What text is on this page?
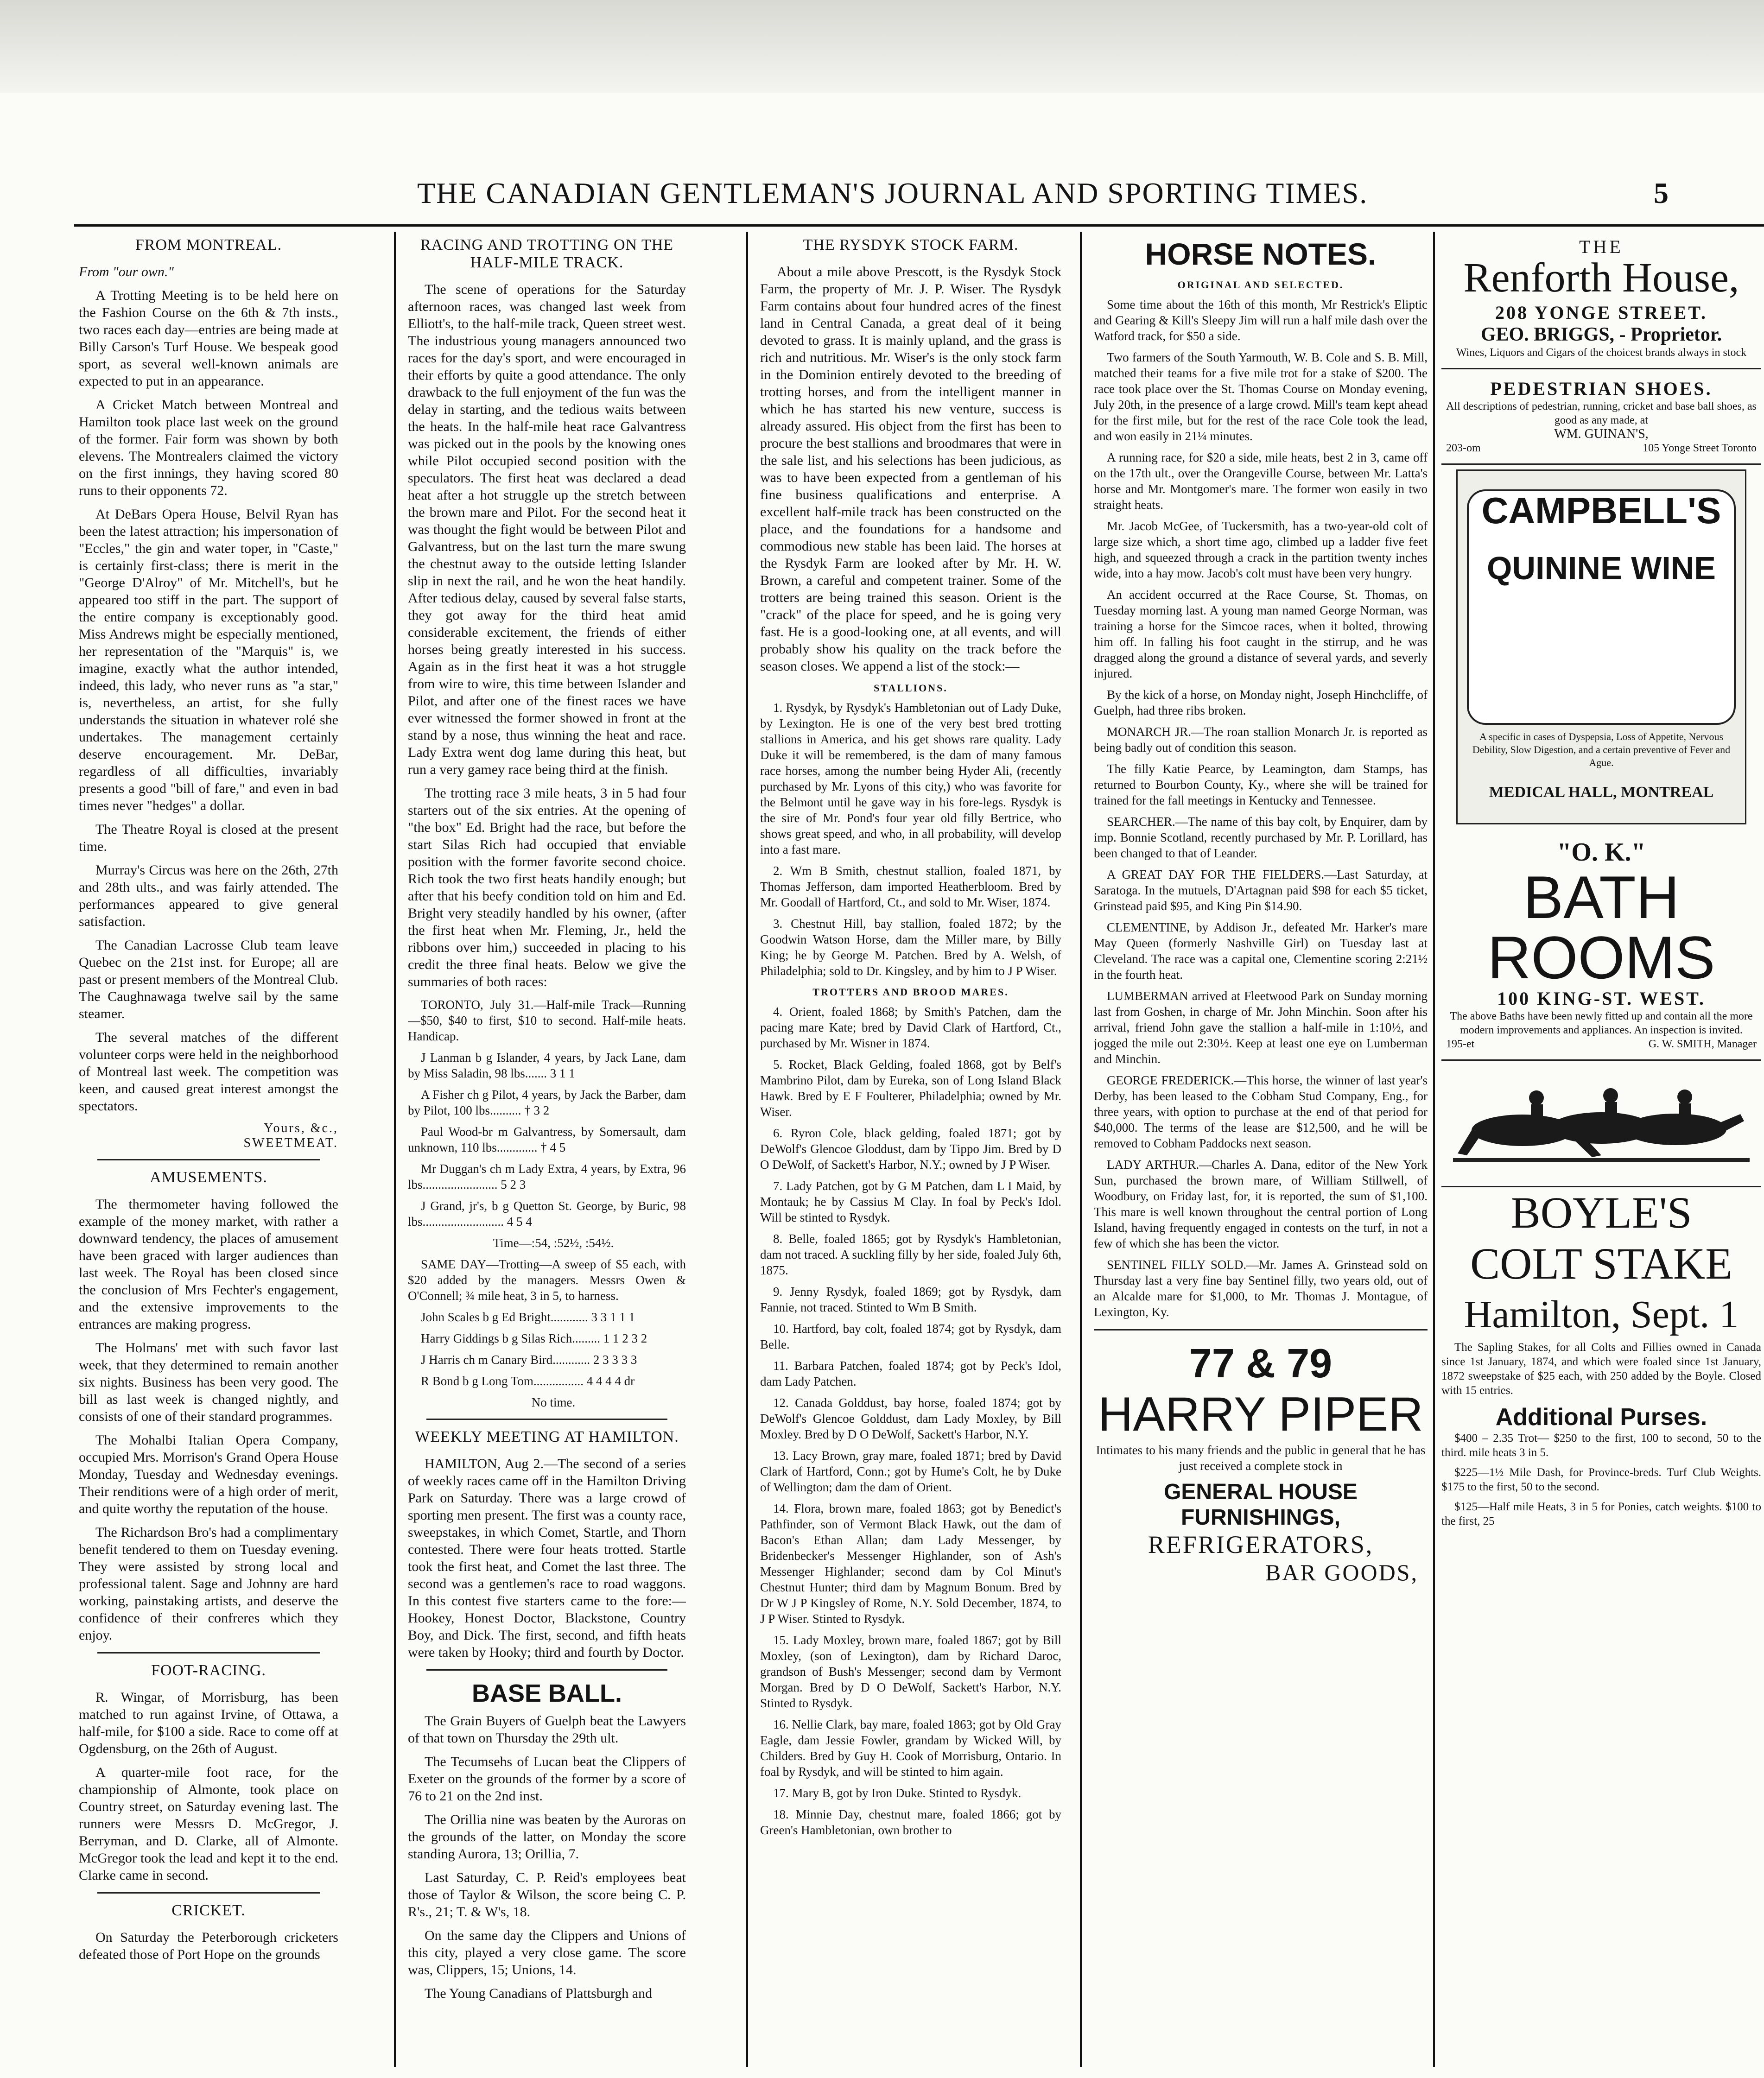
THE CANADIAN GENTLEMAN'S JOURNAL AND SPORTING TIMES.	5
FROM MONTREAL.

From "our own."

A Trotting Meeting is to be held here on the Fashion Course on the 6th & 7th insts., two races each day—entries are being made at Billy Carson's Turf House. We bespeak good sport, as several well-known animals are expected to put in an appearance.

A Cricket Match between Montreal and Hamilton took place last week on the ground of the former. Fair form was shown by both elevens. The Montrealers claimed the victory on the first innings, they having scored 80 runs to their opponents 72.

At DeBars Opera House, Belvil Ryan has been the latest attraction; his impersonation of "Eccles," the gin and water toper, in "Caste," is certainly first-class; there is merit in the "George D'Alroy" of Mr. Mitchell's, but he appeared too stiff in the part. The support of the entire company is exceptionably good. Miss Andrews might be especially mentioned, her representation of the "Marquis" is, we imagine, exactly what the author intended, indeed, this lady, who never runs as "a star," is, nevertheless, an artist, for she fully understands the situation in whatever rolé she undertakes. The management certainly deserve encouragement. Mr. DeBar, regardless of all difficulties, invariably presents a good "bill of fare," and even in bad times never "hedges" a dollar.

The Theatre Royal is closed at the present time.

Murray's Circus was here on the 26th, 27th and 28th ults., and was fairly attended. The performances appeared to give general satisfaction.

The Canadian Lacrosse Club team leave Quebec on the 21st inst. for Europe; all are past or present members of the Montreal Club. The Caughnawaga twelve sail by the same steamer.

The several matches of the different volunteer corps were held in the neighborhood of Montreal last week. The competition was keen, and caused great interest amongst the spectators.

Yours, &c.,
SWEETMEAT.
AMUSEMENTS.

The thermometer having followed the example of the money market, with rather a downward tendency, the places of amusement have been graced with larger audiences than last week. The Royal has been closed since the conclusion of Mrs Fechter's engagement, and the extensive improvements to the entrances are making progress.

The Holmans' met with such favor last week, that they determined to remain another six nights. Business has been very good. The bill as last week is changed nightly, and consists of one of their standard programmes.

The Mohalbi Italian Opera Company, occupied Mrs. Morrison's Grand Opera House Monday, Tuesday and Wednesday evenings. Their renditions were of a high order of merit, and quite worthy the reputation of the house.

The Richardson Bro's had a complimentary benefit tendered to them on Tuesday evening. They were assisted by strong local and professional talent. Sage and Johnny are hard working, painstaking artists, and deserve the confidence of their confreres which they enjoy.

FOOT-RACING.

R. Wingar, of Morrisburg, has been matched to run against Irvine, of Ottawa, a half-mile, for $100 a side. Race to come off at Ogdensburg, on the 26th of August.

A quarter-mile foot race, for the championship of Almonte, took place on Country street, on Saturday evening last. The runners were Messrs D. McGregor, J. Berryman, and D. Clarke, all of Almonte. McGregor took the lead and kept it to the end. Clarke came in second.

CRICKET.

On Saturday the Peterborough cricketers defeated those of Port Hope on the grounds

RACING AND TROTTING ON THE HALF-MILE TRACK.

The scene of operations for the Saturday afternoon races, was changed last week from Elliott's, to the half-mile track, Queen street west. The industrious young managers announced two races for the day's sport, and were encouraged in their efforts by quite a good attendance. The only drawback to the full enjoyment of the fun was the delay in starting, and the tedious waits between the heats. In the half-mile heat race Galvantress was picked out in the pools by the knowing ones while Pilot occupied second position with the speculators. The first heat was declared a dead heat after a hot struggle up the stretch between the brown mare and Pilot. For the second heat it was thought the fight would be between Pilot and Galvantress, but on the last turn the mare swung the chestnut away to the outside letting Islander slip in next the rail, and he won the heat handily. After tedious delay, caused by several false starts, they got away for the third heat amid considerable excitement, the friends of either horses being greatly interested in his success. Again as in the first heat it was a hot struggle from wire to wire, this time between Islander and Pilot, and after one of the finest races we have ever witnessed the former showed in front at the stand by a nose, thus winning the heat and race. Lady Extra went dog lame during this heat, but run a very gamey race being third at the finish.

The trotting race 3 mile heats, 3 in 5 had four starters out of the six entries. At the opening of "the box" Ed. Bright had the race, but before the start Silas Rich had occupied that enviable position with the former favorite second choice. Rich took the two first heats handily enough; but after that his beefy condition told on him and Ed. Bright very steadily handled by his owner, (after the first heat when Mr. Fleming, Jr., held the ribbons over him,) succeeded in placing to his credit the three final heats. Below we give the summaries of both races:

TORONTO, July 31.—Half-mile Track—Running —$50, $40 to first, $10 to second. Half-mile heats. Handicap.

J Lanman b g Islander, 4 years, by Jack Lane, dam by Miss Saladin, 98 lbs....... 3 1 1

A Fisher ch g Pilot, 4 years, by Jack the Barber, dam by Pilot, 100 lbs.......... † 3 2

Paul Wood-br m Galvantress, by Somersault, dam unknown, 110 lbs............. † 4 5

Mr Duggan's ch m Lady Extra, 4 years, by Extra, 96 lbs........................ 5 2 3

J Grand, jr's, b g Quetton St. George, by Buric, 98 lbs.......................... 4 5 4

Time—:54, :52½, :54½.

SAME DAY—Trotting—A sweep of $5 each, with $20 added by the managers. Messrs Owen & O'Connell; ¾ mile heat, 3 in 5, to harness.

John Scales b g Ed Bright............ 3 3 1 1 1

Harry Giddings b g Silas Rich......... 1 1 2 3 2

J Harris ch m Canary Bird............ 2 3 3 3 3

R Bond b g Long Tom................ 4 4 4 4 dr

No time.

WEEKLY MEETING AT HAMILTON.

HAMILTON, Aug 2.—The second of a series of weekly races came off in the Hamilton Driving Park on Saturday. There was a large crowd of sporting men present. The first was a county race, sweepstakes, in which Comet, Startle, and Thorn contested. There were four heats trotted. Startle took the first heat, and Comet the last three. The second was a gentlemen's race to road waggons. In this contest five starters came to the fore:—Hookey, Honest Doctor, Blackstone, Country Boy, and Dick. The first, second, and fifth heats were taken by Hooky; third and fourth by Doctor.

BASE BALL.

The Grain Buyers of Guelph beat the Lawyers of that town on Thursday the 29th ult.

The Tecumsehs of Lucan beat the Clippers of Exeter on the grounds of the former by a score of 76 to 21 on the 2nd inst.

The Orillia nine was beaten by the Auroras on the grounds of the latter, on Monday the score standing Aurora, 13; Orillia, 7.

Last Saturday, C. P. Reid's employees beat those of Taylor & Wilson, the score being C. P. R's., 21; T. & W's, 18.

On the same day the Clippers and Unions of this city, played a very close game. The score was, Clippers, 15; Unions, 14.

The Young Canadians of Plattsburgh and

THE RYSDYK STOCK FARM.

About a mile above Prescott, is the Rysdyk Stock Farm, the property of Mr. J. P. Wiser. The Rysdyk Farm contains about four hundred acres of the finest land in Central Canada, a great deal of it being devoted to grass. It is mainly upland, and the grass is rich and nutritious. Mr. Wiser's is the only stock farm in the Dominion entirely devoted to the breeding of trotting horses, and from the intelligent manner in which he has started his new venture, success is already assured. His object from the first has been to procure the best stallions and broodmares that were in the sale list, and his selections has been judicious, as was to have been expected from a gentleman of his fine business qualifications and enterprise. A excellent half-mile track has been constructed on the place, and the foundations for a handsome and commodious new stable has been laid. The horses at the Rysdyk Farm are looked after by Mr. H. W. Brown, a careful and competent trainer. Some of the trotters are being trained this season. Orient is the "crack" of the place for speed, and he is going very fast. He is a good-looking one, at all events, and will probably show his quality on the track before the season closes. We append a list of the stock:—

STALLIONS.

1. Rysdyk, by Rysdyk's Hambletonian out of Lady Duke, by Lexington. He is one of the very best bred trotting stallions in America, and his get shows rare quality. Lady Duke it will be remembered, is the dam of many famous race horses, among the number being Hyder Ali, (recently purchased by Mr. Lyons of this city,) who was favorite for the Belmont until he gave way in his fore-legs. Rysdyk is the sire of Mr. Pond's four year old filly Bertrice, who shows great speed, and who, in all probability, will develop into a fast mare.

2. Wm B Smith, chestnut stallion, foaled 1871, by Thomas Jefferson, dam imported Heatherbloom. Bred by Mr. Goodall of Hartford, Ct., and sold to Mr. Wiser, 1874.

3. Chestnut Hill, bay stallion, foaled 1872; by the Goodwin Watson Horse, dam the Miller mare, by Billy King; he by George M. Patchen. Bred by A. Welsh, of Philadelphia; sold to Dr. Kingsley, and by him to J P Wiser.

TROTTERS AND BROOD MARES.

4. Orient, foaled 1868; by Smith's Patchen, dam the pacing mare Kate; bred by David Clark of Hartford, Ct., purchased by Mr. Wisner in 1874.

5. Rocket, Black Gelding, foaled 1868, got by Belf's Mambrino Pilot, dam by Eureka, son of Long Island Black Hawk. Bred by E F Foulterer, Philadelphia; owned by Mr. Wiser.

6. Ryron Cole, black gelding, foaled 1871; got by DeWolf's Glencoe Gloddust, dam by Tippo Jim. Bred by D O DeWolf, of Sackett's Harbor, N.Y.; owned by J P Wiser.

7. Lady Patchen, got by G M Patchen, dam L I Maid, by Montauk; he by Cassius M Clay. In foal by Peck's Idol. Will be stinted to Rysdyk.

8. Belle, foaled 1865; got by Rysdyk's Hambletonian, dam not traced. A suckling filly by her side, foaled July 6th, 1875.

9. Jenny Rysdyk, foaled 1869; got by Rysdyk, dam Fannie, not traced. Stinted to Wm B Smith.

10. Hartford, bay colt, foaled 1874; got by Rysdyk, dam Belle.

11. Barbara Patchen, foaled 1874; got by Peck's Idol, dam Lady Patchen.

12. Canada Golddust, bay horse, foaled 1874; got by DeWolf's Glencoe Golddust, dam Lady Moxley, by Bill Moxley. Bred by D O DeWolf, Sackett's Harbor, N.Y.

13. Lacy Brown, gray mare, foaled 1871; bred by David Clark of Hartford, Conn.; got by Hume's Colt, he by Duke of Wellington; dam the dam of Orient.

14. Flora, brown mare, foaled 1863; got by Benedict's Pathfinder, son of Vermont Black Hawk, out the dam of Bacon's Ethan Allan; dam Lady Messenger, by Bridenbecker's Messenger Highlander, son of Ash's Messenger Highlander; second dam by Col Minut's Chestnut Hunter; third dam by Magnum Bonum. Bred by Dr W J P Kingsley of Rome, N.Y. Sold December, 1874, to J P Wiser. Stinted to Rysdyk.

15. Lady Moxley, brown mare, foaled 1867; got by Bill Moxley, (son of Lexington), dam by Richard Daroc, grandson of Bush's Messenger; second dam by Vermont Morgan. Bred by D O DeWolf, Sackett's Harbor, N.Y. Stinted to Rysdyk.

16. Nellie Clark, bay mare, foaled 1863; got by Old Gray Eagle, dam Jessie Fowler, grandam by Wicked Will, by Childers. Bred by Guy H. Cook of Morrisburg, Ontario. In foal by Rysdyk, and will be stinted to him again.

17. Mary B, got by Iron Duke. Stinted to Rysdyk.

18. Minnie Day, chestnut mare, foaled 1866; got by Green's Hambletonian, own brother to

HORSE NOTES.
ORIGINAL AND SELECTED.

Some time about the 16th of this month, Mr Restrick's Eliptic and Gearing & Kill's Sleepy Jim will run a half mile dash over the Watford track, for $50 a side.

Two farmers of the South Yarmouth, W. B. Cole and S. B. Mill, matched their teams for a five mile trot for a stake of $200. The race took place over the St. Thomas Course on Monday evening, July 20th, in the presence of a large crowd. Mill's team kept ahead for the first mile, but for the rest of the race Cole took the lead, and won easily in 21¼ minutes.

A running race, for $20 a side, mile heats, best 2 in 3, came off on the 17th ult., over the Orangeville Course, between Mr. Latta's horse and Mr. Montgomer's mare. The former won easily in two straight heats.

Mr. Jacob McGee, of Tuckersmith, has a two-year-old colt of large size which, a short time ago, climbed up a ladder five feet high, and squeezed through a crack in the partition twenty inches wide, into a hay mow. Jacob's colt must have been very hungry.

An accident occurred at the Race Course, St. Thomas, on Tuesday morning last. A young man named George Norman, was training a horse for the Simcoe races, when it bolted, throwing him off. In falling his foot caught in the stirrup, and he was dragged along the ground a distance of several yards, and severly injured.

By the kick of a horse, on Monday night, Joseph Hinchcliffe, of Guelph, had three ribs broken.

MONARCH JR.—The roan stallion Monarch Jr. is reported as being badly out of condition this season.

The filly Katie Pearce, by Leamington, dam Stamps, has returned to Bourbon County, Ky., where she will be trained for trained for the fall meetings in Kentucky and Tennessee.

SEARCHER.—The name of this bay colt, by Enquirer, dam by imp. Bonnie Scotland, recently purchased by Mr. P. Lorillard, has been changed to that of Leander.

A GREAT DAY FOR THE FIELDERS.—Last Saturday, at Saratoga. In the mutuels, D'Artagnan paid $98 for each $5 ticket, Grinstead paid $95, and King Pin $14.90.

CLEMENTINE, by Addison Jr., defeated Mr. Harker's mare May Queen (formerly Nashville Girl) on Tuesday last at Cleveland. The race was a capital one, Clementine scoring 2:21½ in the fourth heat.

LUMBERMAN arrived at Fleetwood Park on Sunday morning last from Goshen, in charge of Mr. John Minchin. Soon after his arrival, friend John gave the stallion a half-mile in 1:10½, and jogged the mile out 2:30½. Keep at least one eye on Lumberman and Minchin.

GEORGE FREDERICK.—This horse, the winner of last year's Derby, has been leased to the Cobham Stud Company, Eng., for three years, with option to purchase at the end of that period for $40,000. The terms of the lease are $12,500, and he will be removed to Cobham Paddocks next season.

LADY ARTHUR.—Charles A. Dana, editor of the New York Sun, purchased the brown mare, of William Stillwell, of Woodbury, on Friday last, for, it is reported, the sum of $1,100. This mare is well known throughout the central portion of Long Island, having frequently engaged in contests on the turf, in not a few of which she has been the victor.

SENTINEL FILLY SOLD.—Mr. James A. Grinstead sold on Thursday last a very fine bay Sentinel filly, two years old, out of an Alcalde mare for $1,000, to Mr. Thomas J. Montague, of Lexington, Ky.

77 & 79
HARRY PIPER

Intimates to his many friends and the public in general that he has just received a complete stock in

GENERAL HOUSE FURNISHINGS,
REFRIGERATORS,
BAR GOODS,
THE
Renforth House,
208 YONGE STREET.
GEO. BRIGGS, - Proprietor.
Wines, Liquors and Cigars of the choicest brands always in stock
PEDESTRIAN SHOES.
All descriptions of pedestrian, running, cricket and base ball shoes, as good as any made, at
WM. GUINAN'S,
203-om	105 Yonge Street Toronto
CAMPBELL'S
QUININE WINE
A specific in cases of Dyspepsia, Loss of Appetite, Nervous Debility, Slow Digestion, and a certain preventive of Fever and Ague.
MEDICAL HALL, MONTREAL
"O. K."
BATH ROOMS
100 KING-ST. WEST.
The above Baths have been newly fitted up and contain all the more modern improvements and appliances. An inspection is invited.
195-et	G. W. SMITH, Manager
BOYLE'S
COLT STAKE
Hamilton, Sept. 1

The Sapling Stakes, for all Colts and Fillies owned in Canada since 1st January, 1874, and which were foaled since 1st January, 1872 sweepstake of $25 each, with 250 added by the Boyle. Closed with 15 entries.

Additional Purses.

$400 – 2.35 Trot— $250 to the first, 100 to second, 50 to the third. mile heats 3 in 5.

$225—1½ Mile Dash, for Province-breds. Turf Club Weights. $175 to the first, 50 to the second.

$125—Half mile Heats, 3 in 5 for Ponies, catch weights. $100 to the first, 25
